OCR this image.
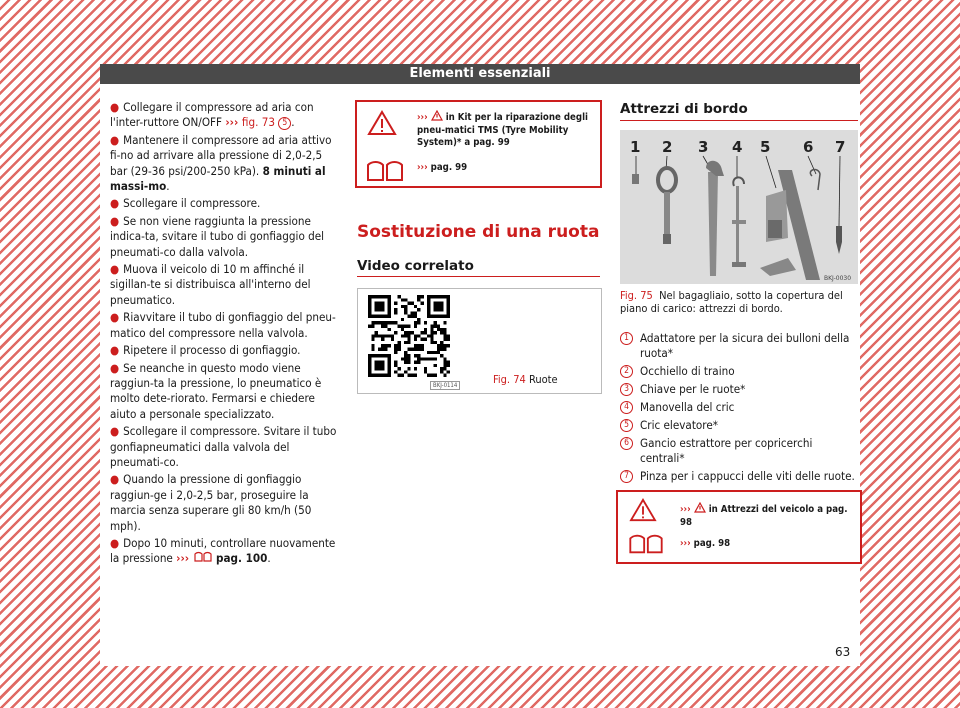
Elementi essenziali
● Collegare il compressore ad aria con l'inter-ruttore ON/OFF ››› fig. 73 5 .
● Mantenere il compressore ad aria attivo fi-no ad arrivare alla pressione di 2,0-2,5 bar (29-36 psi/200-250 kPa). 8 minuti al massi-mo.
● Scollegare il compressore.
● Se non viene raggiunta la pressione indica-ta, svitare il tubo di gonfiaggio del pneumati-co dalla valvola.
● Muova il veicolo di 10 m affinché il sigillan-te si distribuisca all'interno del pneumatico.
● Riavvitare il tubo di gonfiaggio del pneu-matico del compressore nella valvola.
● Ripetere il processo di gonfiaggio.
● Se neanche in questo modo viene raggiun-ta la pressione, lo pneumatico è molto dete-riorato. Fermarsi e chiedere aiuto a personale specializzato.
● Scollegare il compressore. Svitare il tubo gonfiapneumatici dalla valvola del pneumati-co.
● Quando la pressione di gonfiaggio raggiun-ge i 2,0-2,5 bar, proseguire la marcia senza superare gli 80 km/h (50 mph).
● Dopo 10 minuti, controllare nuovamente la pressione ›››  pag. 100.

›››  in Kit per la riparazione degli pneu-matici TMS (Tyre Mobility System)* a pag. 99
››› pag. 99
Sostituzione di una ruota
Video correlato
BKJ-0114	Fig. 74 Ruote
Attrezzi di bordo
1 2 3 4 5 6 7
BKJ-0030
Fig. 75 Nel bagagliaio, sotto la copertura del piano di carico: attrezzi di bordo.
1 Adattatore per la sicura dei bulloni della ruota*
2 Occhiello di traino
3 Chiave per le ruote*
4 Manovella del cric
5 Cric elevatore*
6 Gancio estrattore per copricerchi centrali*
7 Pinza per i cappucci delle viti delle ruote.

›››  in Attrezzi del veicolo a pag. 98
››› pag. 98
63
